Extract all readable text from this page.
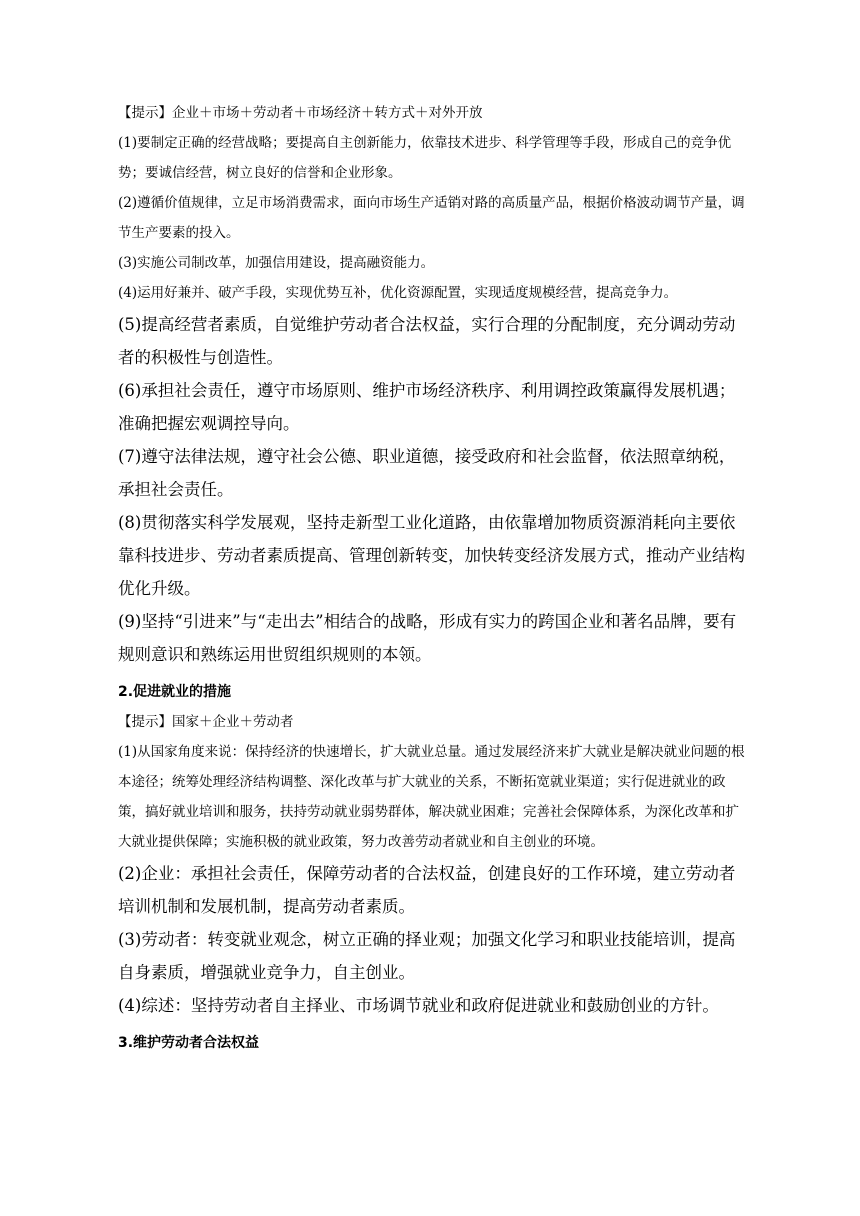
【提示】企业＋市场＋劳动者＋市场经济＋转方式＋对外开放

(1)要制定正确的经营战略；要提高自主创新能力，依靠技术进步、科学管理等手段，形成自己的竞争优势；要诚信经营，树立良好的信誉和企业形象。

(2)遵循价值规律，立足市场消费需求，面向市场生产适销对路的高质量产品，根据价格波动调节产量，调节生产要素的投入。

(3)实施公司制改革，加强信用建设，提高融资能力。

(4)运用好兼并、破产手段，实现优势互补，优化资源配置，实现适度规模经营，提高竞争力。

(5)提高经营者素质，自觉维护劳动者合法权益，实行合理的分配制度，充分调动劳动者的积极性与创造性。

(6)承担社会责任，遵守市场原则、维护市场经济秩序、利用调控政策赢得发展机遇；准确把握宏观调控导向。

(7)遵守法律法规，遵守社会公德、职业道德，接受政府和社会监督，依法照章纳税，承担社会责任。

(8)贯彻落实科学发展观，坚持走新型工业化道路，由依靠增加物质资源消耗向主要依靠科技进步、劳动者素质提高、管理创新转变，加快转变经济发展方式，推动产业结构优化升级。

(9)坚持“引进来”与“走出去”相结合的战略，形成有实力的跨国企业和著名品牌，要有规则意识和熟练运用世贸组织规则的本领。

2.促进就业的措施

【提示】国家＋企业＋劳动者

(1)从国家角度来说：保持经济的快速增长，扩大就业总量。通过发展经济来扩大就业是解决就业问题的根本途径；统筹处理经济结构调整、深化改革与扩大就业的关系，不断拓宽就业渠道；实行促进就业的政策，搞好就业培训和服务，扶持劳动就业弱势群体，解决就业困难；完善社会保障体系，为深化改革和扩大就业提供保障；实施积极的就业政策，努力改善劳动者就业和自主创业的环境。

(2)企业：承担社会责任，保障劳动者的合法权益，创建良好的工作环境，建立劳动者培训机制和发展机制，提高劳动者素质。

(3)劳动者：转变就业观念，树立正确的择业观；加强文化学习和职业技能培训，提高自身素质，增强就业竞争力，自主创业。

(4)综述：坚持劳动者自主择业、市场调节就业和政府促进就业和鼓励创业的方针。

3.维护劳动者合法权益
